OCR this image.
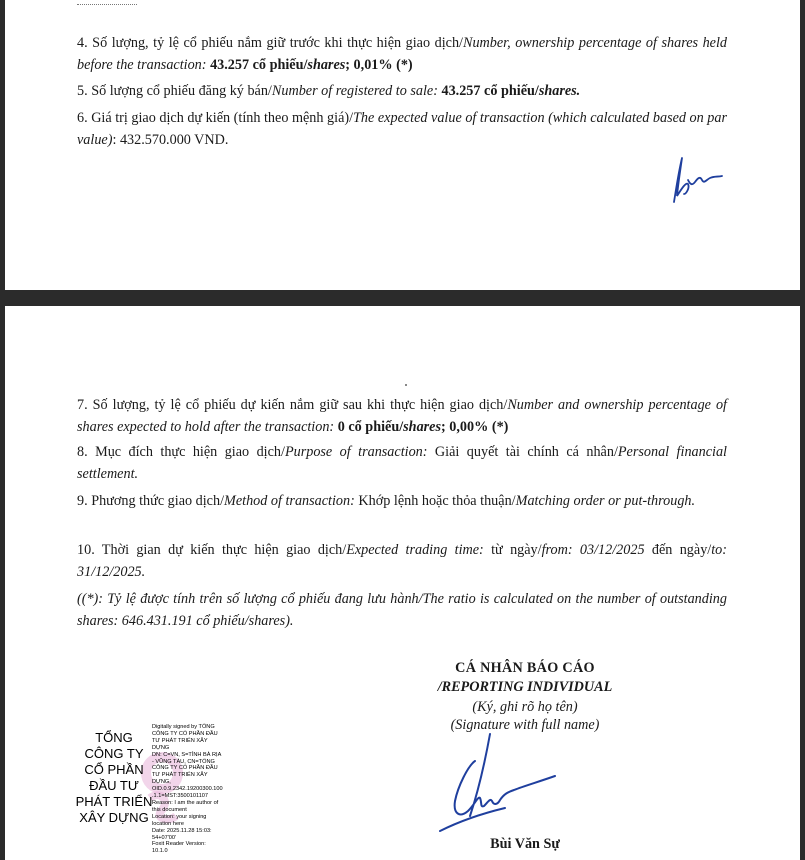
4. Số lượng, tỷ lệ cổ phiếu nắm giữ trước khi thực hiện giao dịch/Number, ownership percentage of shares held before the transaction: 43.257 cổ phiếu/shares; 0,01% (*)

5. Số lượng cổ phiếu đăng ký bán/Number of registered to sale: 43.257 cổ phiếu/shares.

6. Giá trị giao dịch dự kiến (tính theo mệnh giá)/The expected value of transaction (which calculated based on par value): 432.570.000 VND.

7. Số lượng, tỷ lệ cổ phiếu dự kiến nắm giữ sau khi thực hiện giao dịch/Number and ownership percentage of shares expected to hold after the transaction: 0 cổ phiếu/shares; 0,00% (*)

8. Mục đích thực hiện giao dịch/Purpose of transaction: Giải quyết tài chính cá nhân/Personal financial settlement.

9. Phương thức giao dịch/Method of transaction: Khớp lệnh hoặc thỏa thuận/Matching order or put-through.

10. Thời gian dự kiến thực hiện giao dịch/Expected trading time: từ ngày/from: 03/12/2025 đến ngày/to: 31/12/2025.

((*): Tỷ lệ được tính trên số lượng cổ phiếu đang lưu hành/The ratio is calculated on the number of outstanding shares: 646.431.191 cổ phiếu/shares).

CÁ NHÂN BÁO CÁO
/REPORTING INDIVIDUAL
(Ký, ghi rõ họ tên)
(Signature with full name)
Bùi Văn Sự
TỔNG CÔNG TY CỔ PHẦN ĐẦU TƯ PHÁT TRIỂN XÂY DỰNG
Digitally signed by TỔNG
CÔNG TY CỔ PHẦN ĐẦU
TƯ PHÁT TRIỂN XÂY
DỰNG
DN: C=VN, S=TỈNH BÀ RỊA
- VŨNG TÀU, CN=TỔNG
CÔNG TY CỔ PHẦN ĐẦU
TƯ PHÁT TRIỂN XÂY
DỰNG,
OID.0.9.2342.19200300.100
.1.1=MST:3500101107
Reason: I am the author of
this document
Location: your signing
location here
Date: 2025.11.28 15:03:
54+07'00'
Foxit Reader Version:
10.1.0
